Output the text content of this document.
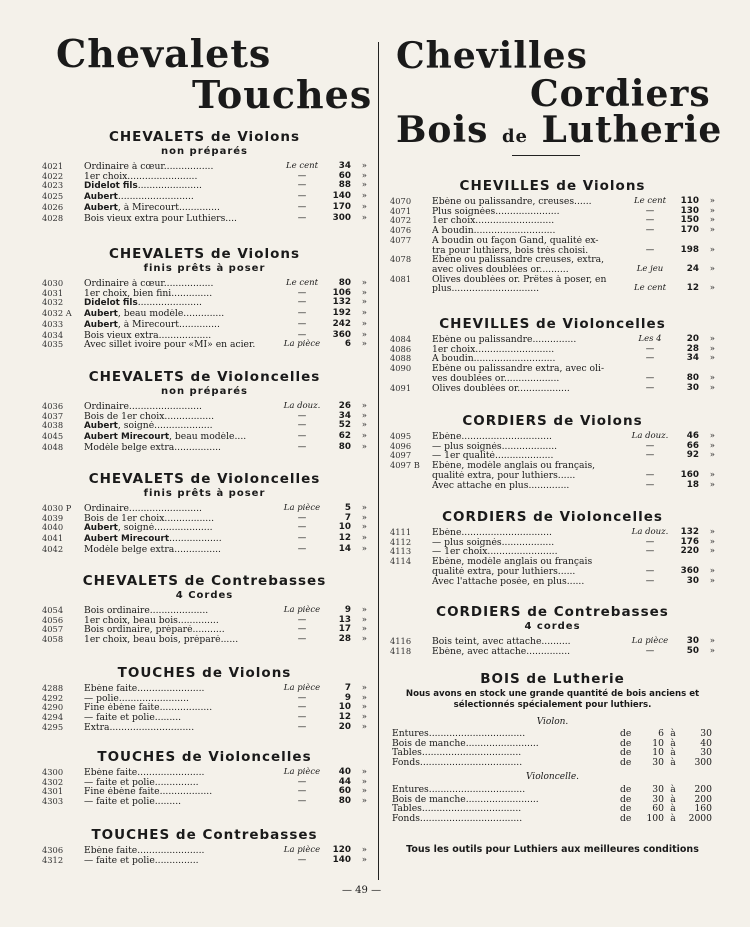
Chevalets
Touches
CHEVALETS de Violons
non préparés
4021	Ordinaire à cœur.................	Le cent	34	»
4022	1er choix........................	—	60	»
4023	Didelot fils......................	—	88	»
4025	Aubert..........................	—	140	»
4026	Aubert, à Mirecourt..............	—	170	»
4028	Bois vieux extra pour Luthiers....	—	300	»
CHEVALETS de Violons
finis prêts à poser
4030	Ordinaire à cœur.................	Le cent	80	»
4031	1er choix, bien fini..............	—	106	»
4032	Didelot fils......................	—	132	»
4032 A	Aubert, beau modèle..............	—	192	»
4033	Aubert, à Mirecourt..............	—	242	»
4034	Bois vieux extra..................	—	360	»
4035	Avec sillet ivoire pour «MI» en acier.	La pièce	6	»
CHEVALETS de Violoncelles
non préparés
4036	Ordinaire.........................	La douz.	26	»
4037	Bois de 1er choix.................	—	34	»
4038	Aubert, soigné....................	—	52	»
4045	Aubert Mirecourt, beau modèle....	—	62	»
4048	Modèle belge extra................	—	80	»
CHEVALETS de Violoncelles
finis prêts à poser
4030 P	Ordinaire.........................	La pièce	5	»
4039	Bois de 1er choix.................	—	7	»
4040	Aubert, soigné....................	—	10	»
4041	Aubert Mirecourt..................	—	12	»
4042	Modèle belge extra................	—	14	»
CHEVALETS de Contrebasses
4 Cordes
4054	Bois ordinaire....................	La pièce	9	»
4056	1er choix, beau bois..............	—	13	»
4057	Bois ordinaire, préparé...........	—	17	»
4058	1er choix, beau bois, préparé......	—	28	»
TOUCHES de Violons
4288	Ebène faite.......................	La pièce	7	»
4292	— polie........................	—	9	»
4290	Fine ébène faite..................	—	10	»
4294	— faite et polie.........	—	12	»
4295	Extra.............................	—	20	»
TOUCHES de Violoncelles
4300	Ebène faite.......................	La pièce	40	»
4302	— faite et polie...............	—	44	»
4301	Fine ébène faite..................	—	60	»
4303	— faite et polie.........	—	80	»
TOUCHES de Contrebasses
4306	Ebène faite.......................	La pièce	120	»
4312	— faite et polie...............	—	140	»
Chevilles
Cordiers
Bois de Lutherie
CHEVILLES de Violons
4070	Ebène ou palissandre, creuses......	Le cent	110	»
4071	Plus soignées......................	—	130	»
4072	1er choix...........................	—	150	»
4076	A boudin............................	—	170	»
4077	A boudin ou façon Gand, qualité ex-
tra pour luthiers, bois très choisi.	—	198	»
4078	Ebène ou palissandre creuses, extra,
avec olives doublées or..........	Le jeu	24	»
4081	Olives doublées or. Prêtes à poser, en
plus..............................	Le cent	12	»
CHEVILLES de Violoncelles
4084	Ebène ou palissandre...............	Les 4	20	»
4086	1er choix...........................	—	28	»
4088	A boudin............................	—	34	»
4090	Ebène ou palissandre extra, avec oli-
ves doublées or...................	—	80	»
4091	Olives doublées or..................	—	30	»
CORDIERS de Violons
4095	Ebène...............................	La douz.	46	»
4096	— plus soignés...................	—	66	»
4097	— 1er qualité....................	—	92	»
4097 B	Ebène, modèle anglais ou français,
qualité extra, pour luthiers......	—	160	»
Avec attache en plus..............	—	18	»
CORDIERS de Violoncelles
4111	Ebène...............................	La douz.	132	»
4112	— plus soignés..................	—	176	»
4113	— 1er choix........................	—	220	»
4114	Ebène, modèle anglais ou français
qualité extra, pour luthiers......	—	360	»
Avec l'attache posée, en plus......	—	30	»
CORDIERS de Contrebasses
4 cordes
4116	Bois teint, avec attache..........	La pièce	30	»
4118	Ebène, avec attache...............	—	50	»
BOIS de Lutherie
Nous avons en stock une grande quantité de bois anciens et sélectionnés spécialement pour luthiers.
Violon.
Entures.................................	de	6 à	30
Bois de manche.........................	de	10 à	40
Tables..................................	de	10 à	30
Fonds...................................	de	30 à	300
Violoncelle.
Entures.................................	de	30 à	200
Bois de manche.........................	de	30 à	200
Tables..................................	de	60 à	160
Fonds...................................	de	100 à	2000
Tous les outils pour Luthiers aux meilleures conditions
— 49 —
